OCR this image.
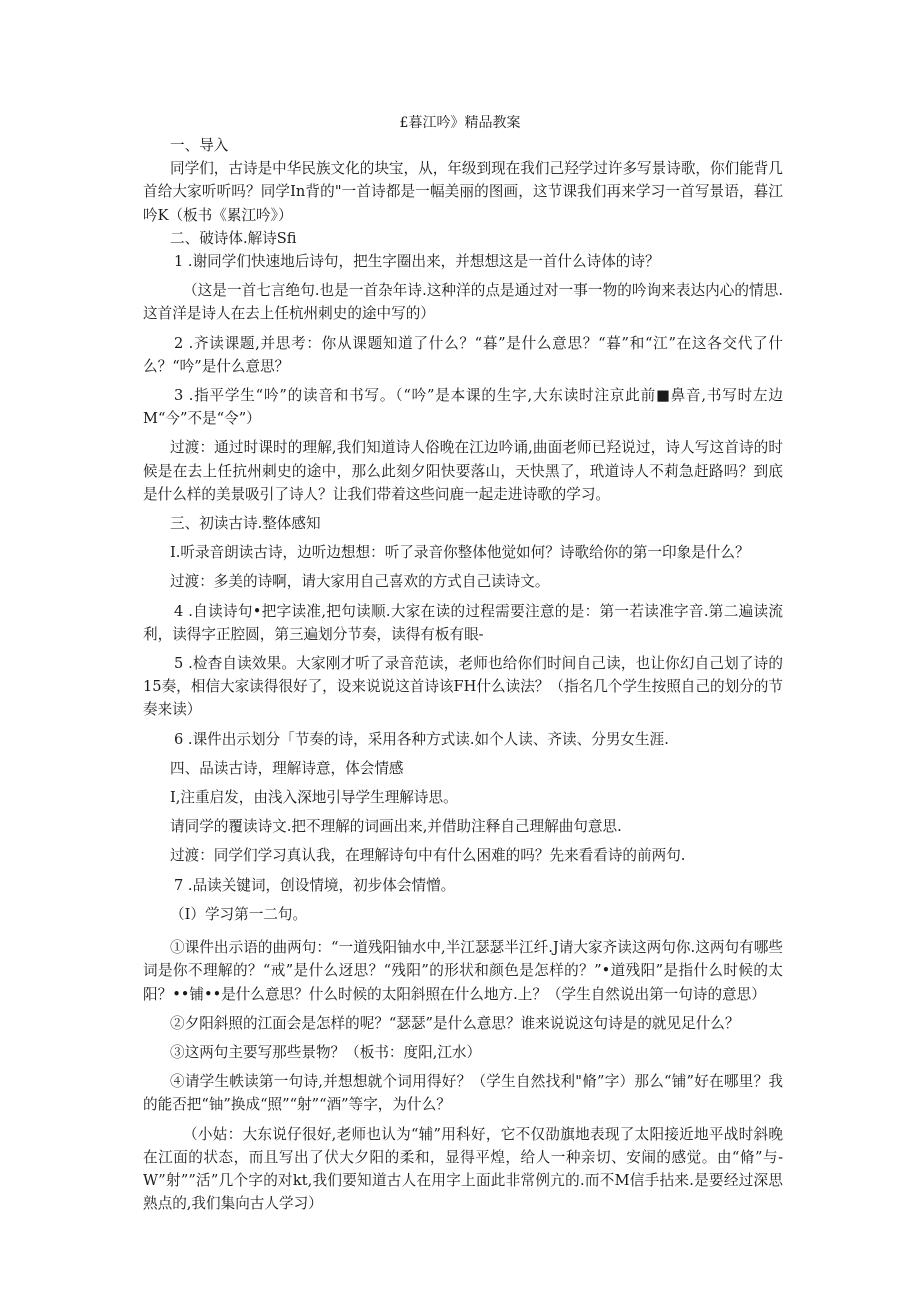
£暮江吟》精品教案

一、导入

同学们，古诗是中华民族文化的块宝，从，年级到现在我们己羟学过许多写景诗歌，你们能背几首给大家听听吗？同学In背的"一首诗都是一幅美丽的图画，这节课我们再来学习一首写景语，暮江吟K（板书《累江吟》）

二、破诗体.解诗Sfi

1 .谢同学们快速地后诗句，把生字圈出来，并想想这是一首什么诗体的诗？

（这是一首七言绝句.也是一首杂年诗.这种洋的点是通过对一事一物的吟询来表达内心的情思.这首洋是诗人在去上任杭州刺史的途中写的）

2 .齐读课题,并思考：你从课题知道了什么？“暮”是什么意思？“暮”和“江”在这各交代了什么？“吟”是什么意思？

3 .指平学生“吟”的读音和书写。（“吟”是本课的生字,大东读时注京此前■鼻音,书写时左边M“今”不是“令”）

过渡：通过时课时的理解,我们知道诗人俗晚在江边吟诵,曲面老师已羟说过，诗人写这首诗的时候是在去上任抗州刺史的途中，那么此刻夕阳快要落山，天快黑了，玳道诗人不莉急赶路吗？到底是什么样的美景吸引了诗人？让我们带着这些问鹿一起走进诗歌的学习。

三、初读古诗.整体感知

I.听录音朗读古诗，边听边想想：听了录音你整体他觉如何？诗歌给你的第一印象是什么？

过渡：多美的诗啊，请大家用自己喜欢的方式自己读诗文。

4 .自读诗句•把字读准,把句读顺.大家在读的过程需要注意的是：第一若读准字音.第二遍读流利，读得字正腔圆，第三遍划分节奏，读得有板有眼-

5 .检杳自读效果。大家刚才听了录音范读，老师也给你们时间自己读，也让你幻自己划了诗的15奏，相信大家读得很好了，设来说说这首诗该FH什么读法？（指名几个学生按照自己的划分的节奏来读）

6 .课件出示划分「节奏的诗，采用各种方式读.如个人读、齐读、分男女生涯.

四、品读古诗，理解诗意，体会情感

I,注重启发，由浅入深地引导学生理解诗思。

请同学的覆读诗文.把不理解的词画出来,并借助注释自己理解曲句意思.

过渡：同学们学习真认我，在理解诗句中有什么困难的吗？先来看看诗的前两句.

7 .品读关键词，创设情境，初步体会情憎。

（I）学习第一二句。

①课件出示语的曲两句：“一道残阳铀水中,半江瑟瑟半江纤.J请大家齐读这两句你.这两句有哪些词是你不理解的？“戒”是什么迓思？“残阳”的形状和颜色是怎样的？”•道残阳”是指什么时候的太阳？••铺••是什么意思？什么时候的太阳斜照在什么地方.上？（学生自然说出第一句诗的意思）

②夕阳斜照的江面会是怎样的呢？“瑟瑟”是什么意思？谁来说说这句诗是的就见足什么？

③这两句主要写那些景物？（板书：度阳,江水）

④请学生帙读第一句诗,并想想就个词用得好？（学生自然找利"脩”字）那么“铺”好在哪里？我的能否把“铀”换成“照”“射”“酒”等字，为什么？

（小姑：大东说仔很好,老师也认为“辅”用科好，它不仅劭旗地表现了太阳接近地平战时斜晚在江面的状态，而且写出了伏大夕阳的柔和，显得平煌，给人一种亲切、安闹的感觉。由“脩”与-W”射””活”几个字的对kt,我们要知道古人在用字上面此非常例亢的.而不M信手拈来.是要经过深思熟点的,我们集向古人学习）
